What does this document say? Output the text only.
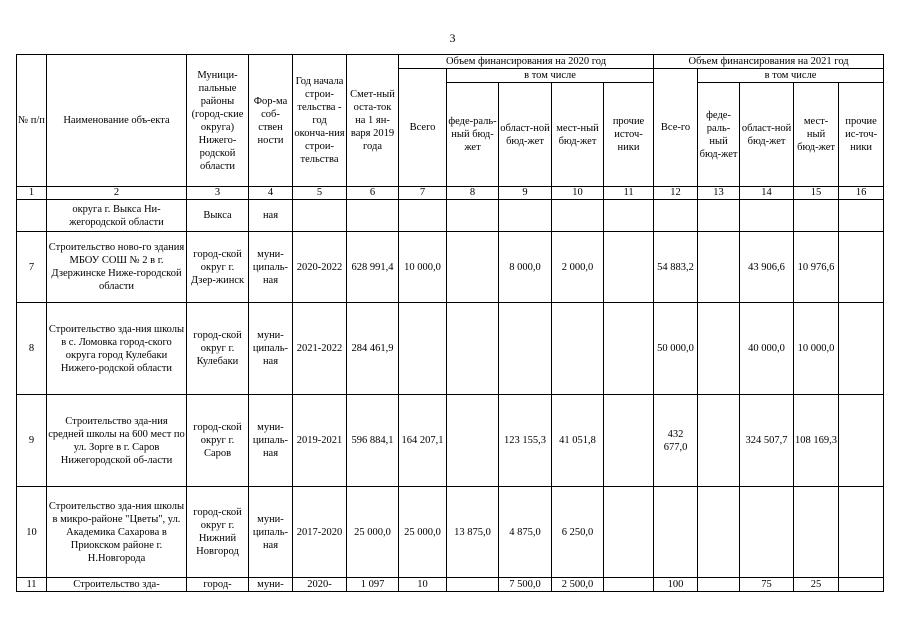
3
№ п/п	Наименование объ-екта	Муници-пальные районы (город-ские округа) Нижего-родской области	Фор-ма соб-ствен ности	Год начала строи-тельства - год оконча-ния строи-тельства	Смет-ный оста-ток на 1 ян-варя 2019 года	Объем финансирования на 2020 год					Объем финансирования на 2021 год				
						Всего	в том числе				Все-го	в том числе			
							феде-раль-ный бюд-жет	област-ной бюд-жет	мест-ный бюд-жет	прочие источ-ники		феде-раль-ный бюд-жет	област-ной бюд-жет	мест-ный бюд-жет	прочие ис-точ-ники
1	2	3	4	5	6	7	8	9	10	11	12	13	14	15	16
	округа г. Выкса Ни-жегородской области	Выкса	ная												
7	Строительство ново-го здания МБОУ СОШ № 2 в г. Дзержинске Ниже-городской области	город-ской округ г. Дзер-жинск	муни-ципаль-ная	2020-2022	628 991,4	10 000,0		8 000,0	2 000,0		54 883,2		43 906,6	10 976,6	
8	Строительство зда-ния школы в с. Ломовка город-ского округа город Кулебаки Нижего-родской области	город-ской округ г. Кулебаки	муни-ципаль-ная	2021-2022	284 461,9						50 000,0		40 000,0	10 000,0	
9	Строительство зда-ния средней школы на 600 мест по ул. Зорге в г. Саров Нижегородской об-ласти	город-ской округ г. Саров	муни-ципаль-ная	2019-2021	596 884,1	164 207,1		123 155,3	41 051,8		432 677,0		324 507,7	108 169,3	
10	Строительство зда-ния школы в микро-районе "Цветы", ул. Академика Сахарова в Приокском районе г. Н.Новгорода	город-ской округ г. Нижний Новгород	муни-ципаль-ная	2017-2020	25 000,0	25 000,0	13 875,0	4 875,0	6 250,0						
11	Строительство зда-	город-	муни-	2020-	1 097	10		7 500,0	2 500,0		100		75	25	
